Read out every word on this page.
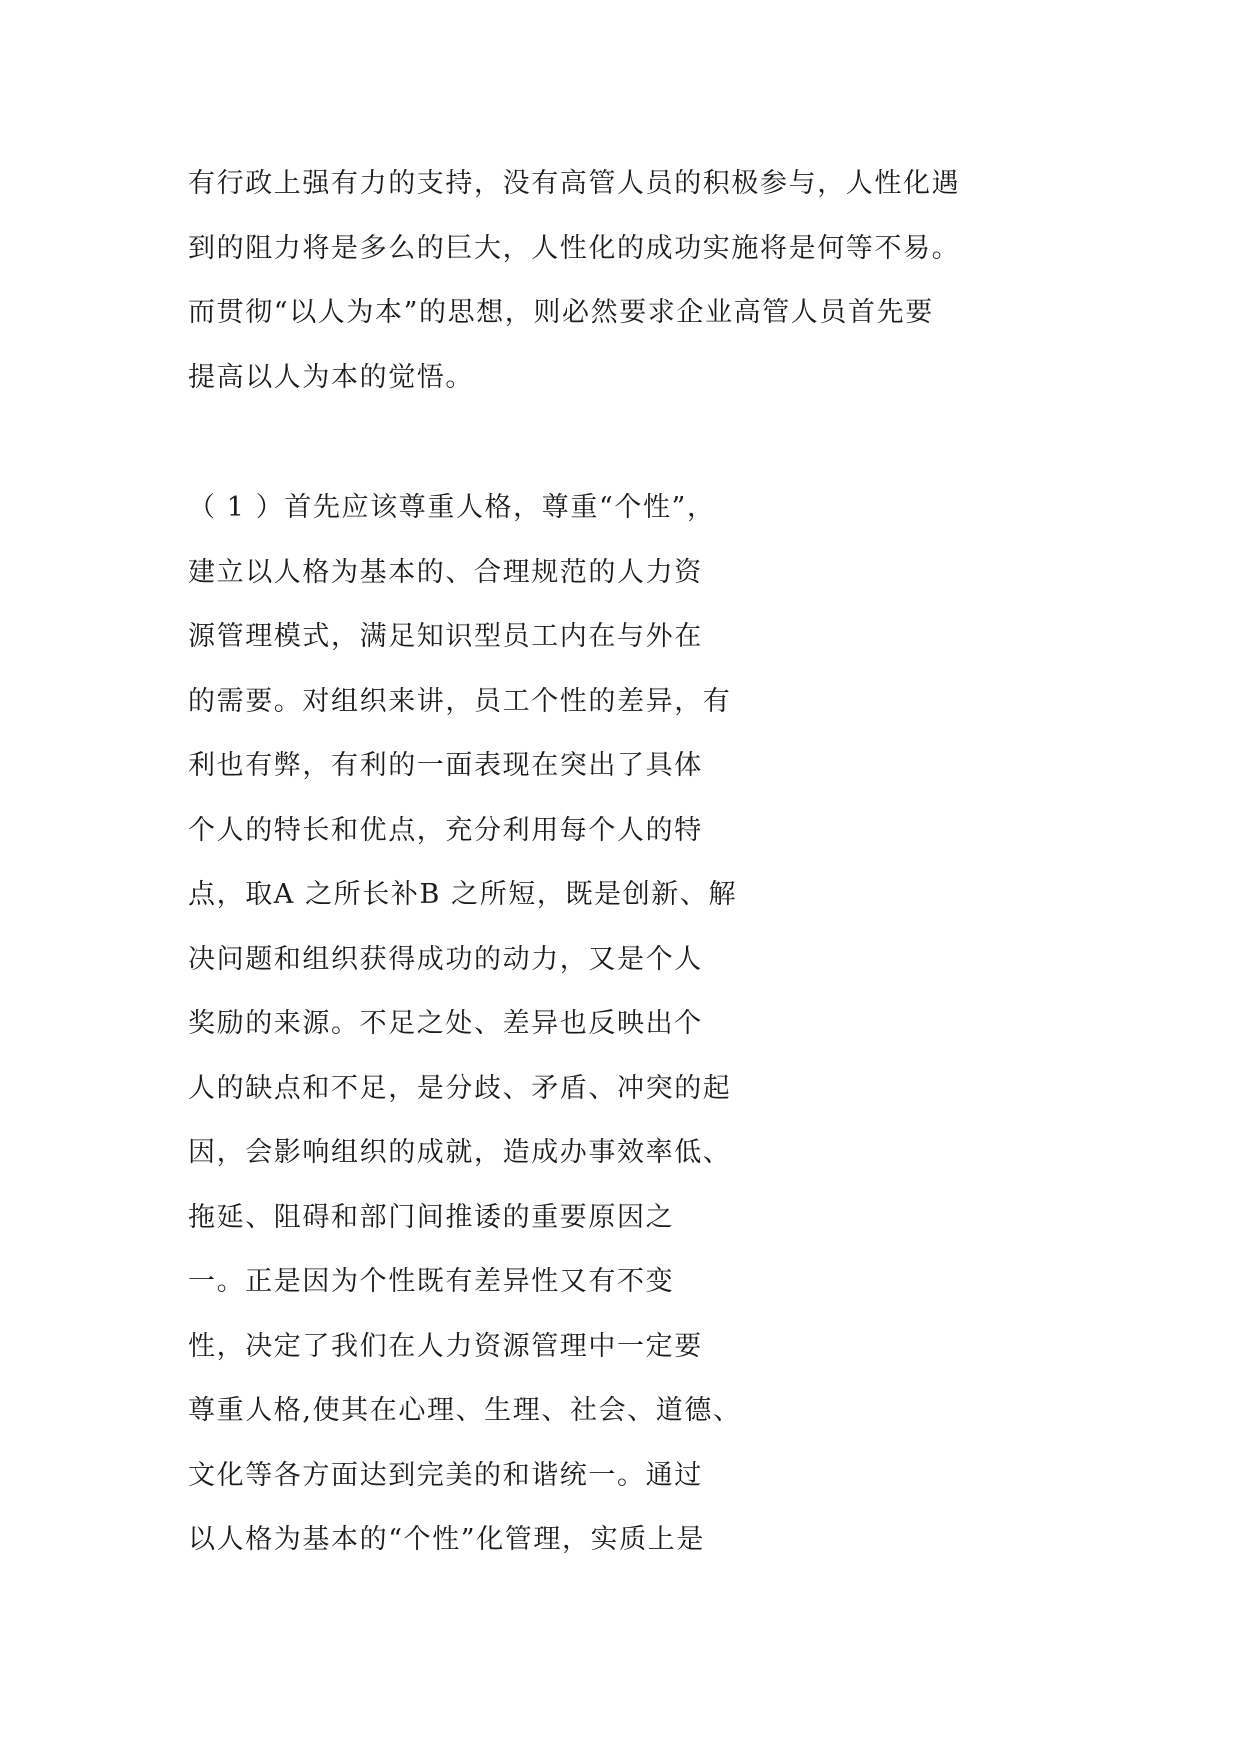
有行政上强有力的支持，没有高管人员的积极参与，人性化遇
到的阻力将是多么的巨大，人性化的成功实施将是何等不易。
而贯彻“以人为本”的思想，则必然要求企业高管人员首先要
提高以人为本的觉悟。
（ 1 ）首先应该尊重人格，尊重“个性”，
建立以人格为基本的、合理规范的人力资
源管理模式，满足知识型员工内在与外在
的需要。对组织来讲，员工个性的差异，有
利也有弊，有利的一面表现在突出了具体
个人的特长和优点，充分利用每个人的特
点，取A 之所长补B 之所短，既是创新、解
决问题和组织获得成功的动力，又是个人
奖励的来源。不足之处、差异也反映出个
人的缺点和不足，是分歧、矛盾、冲突的起
因，会影响组织的成就，造成办事效率低、
拖延、阻碍和部门间推诿的重要原因之
一。正是因为个性既有差异性又有不变
性，决定了我们在人力资源管理中一定要
尊重人格,使其在心理、生理、社会、道德、
文化等各方面达到完美的和谐统一。通过
以人格为基本的“个性”化管理，实质上是
